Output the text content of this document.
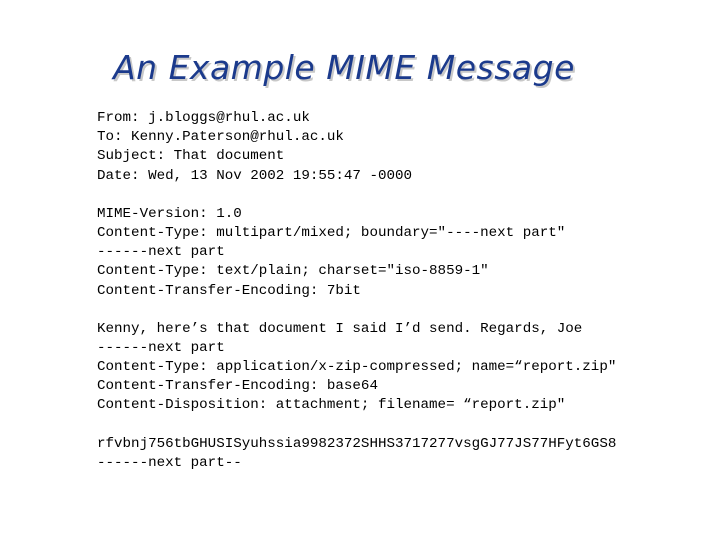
An Example MIME Message
From: j.bloggs@rhul.ac.uk
To: Kenny.Paterson@rhul.ac.uk
Subject: That document
Date: Wed, 13 Nov 2002 19:55:47 -0000
MIME-Version: 1.0
Content-Type: multipart/mixed; boundary="----next part"
------next part
Content-Type: text/plain; charset="iso-8859-1"
Content-Transfer-Encoding: 7bit
Kenny, here’s that document I said I’d send. Regards, Joe
------next part
Content-Type: application/x-zip-compressed; name=“report.zip"
Content-Transfer-Encoding: base64
Content-Disposition: attachment; filename= “report.zip"
rfvbnj756tbGHUSISyuhssia9982372SHHS3717277vsgGJ77JS77HFyt6GS8
------next part--
